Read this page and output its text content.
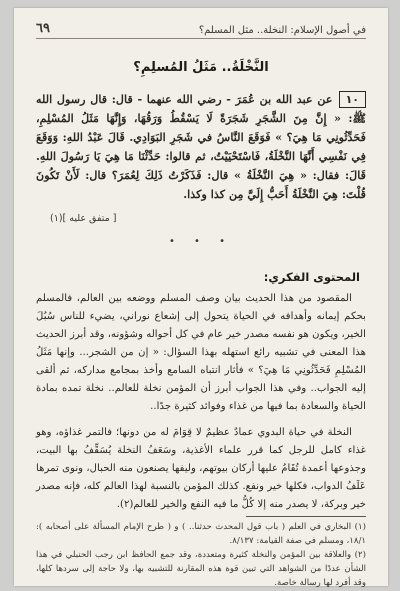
في أصول الإسلام: النخلة.. مثل المسلم؟
٦٩
النَّخْلَةُ.. مَثَلُ المُسلِمِ؟
١٠عن عبد الله بن عُمَرَ - رضي الله عنهما - قال: قال رسول الله ﷺ: « إِنَّ مِنَ الشَّجَرِ شَجَرَةً لَا يَسْقُطُ وَرَقُهَا، وَإِنَّهَا مَثَلُ المُسْلِمِ، فَحَدِّثُونِي مَا هِيَ؟ » فَوَقَعَ النَّاسُ في شَجَرِ البَوَادِي. قَالَ عَبْدُ اللهِ: وَوَقَعَ فِي نَفْسِي أَنَّهَا النَّخْلَةُ، فَاسْتَحْيَيْتُ، ثم قالوا: حَدِّثْنَا مَا هِيَ يَا رَسُولَ اللهِ. قَالَ: فقال: « هِيَ النَّخْلَةُ » قال: فَذَكَرْتُ ذَلِكَ لِعُمَرَ؟ قال: لَأَنْ تَكُونَ قُلْتَ: هِيَ النَّخْلَةُ أَحَبُّ إِلَيَّ مِن كذا وكذا.
[ متفق عليه ](١)
• • •
المحتوى الفكري:

المقصود من هذا الحديث بيان وصف المسلم ووضعه بين العالم، فالمسلم بحكم إيمانه وأهدافه في الحياة يتحول إلى إشعاع نوراني، يضيء للناس سُبُلَ الخير، ويكون هو نفسه مصدر خير عام في كل أحواله وشؤونه، وقد أبرز الحديث هذا المعنى في تشبيه رائع استهله بهذا السؤال: « إن من الشجر... وإنها مَثَلُ المُسْلِمِ فَحَدِّثُونِي مَا هِيَ؟ » فأثار انتباه السامع وأخذ بمجامع مداركه، ثم ألقى إليه الجواب.. وفي هذا الجواب أبرز أن المؤمن نخلة للعالم.. نخلة تمده بمادة الحياة والسعادة بما فيها من غذاء وفوائد كثيرة جدًا..

النخلة في حياة البدوي عمادٌ عظيمٌ لا قِوَامَ له من دونها؛ فالتمر غذاؤه، وهو غذاء كامل للرجل كما قرر علماء الأغذية، وسَعَفُ النخلة يُسَقِّفُ بها البيت، وجذوعها أعمدة تُقَامُ عليها أركان بيوتهم، وليفها يصنعون منه الحبال، ونوى تمرها عَلَفُ الدواب، فكلها خير ونفع. كذلك المؤمن بالنسبة لهذا العالم كله، فإنه مصدر خير وبركة، لا يصدر منه إلا كُلُّ ما فيه النفع والخير للعالم(٢).

(١) البخاري في العلم ( باب قول المحدث حدثنا.. ) و ( طرح الإمام المسألة على أصحابه ): ١٨/١، ومسلم في صفة القيامة: ٨/١٣٧.

(٢) والعلاقة بين المؤمن والنخلة كثيرة ومتعددة، وقد جمع الحافظ ابن رجب الحنبلي في هذا الشأن عددًا من الشواهد التي تبين قوة هذه المقارنة للتشبيه بها، ولا حاجة إلى سردها كلها، وقد أفرد لها رسالة خاصة.
